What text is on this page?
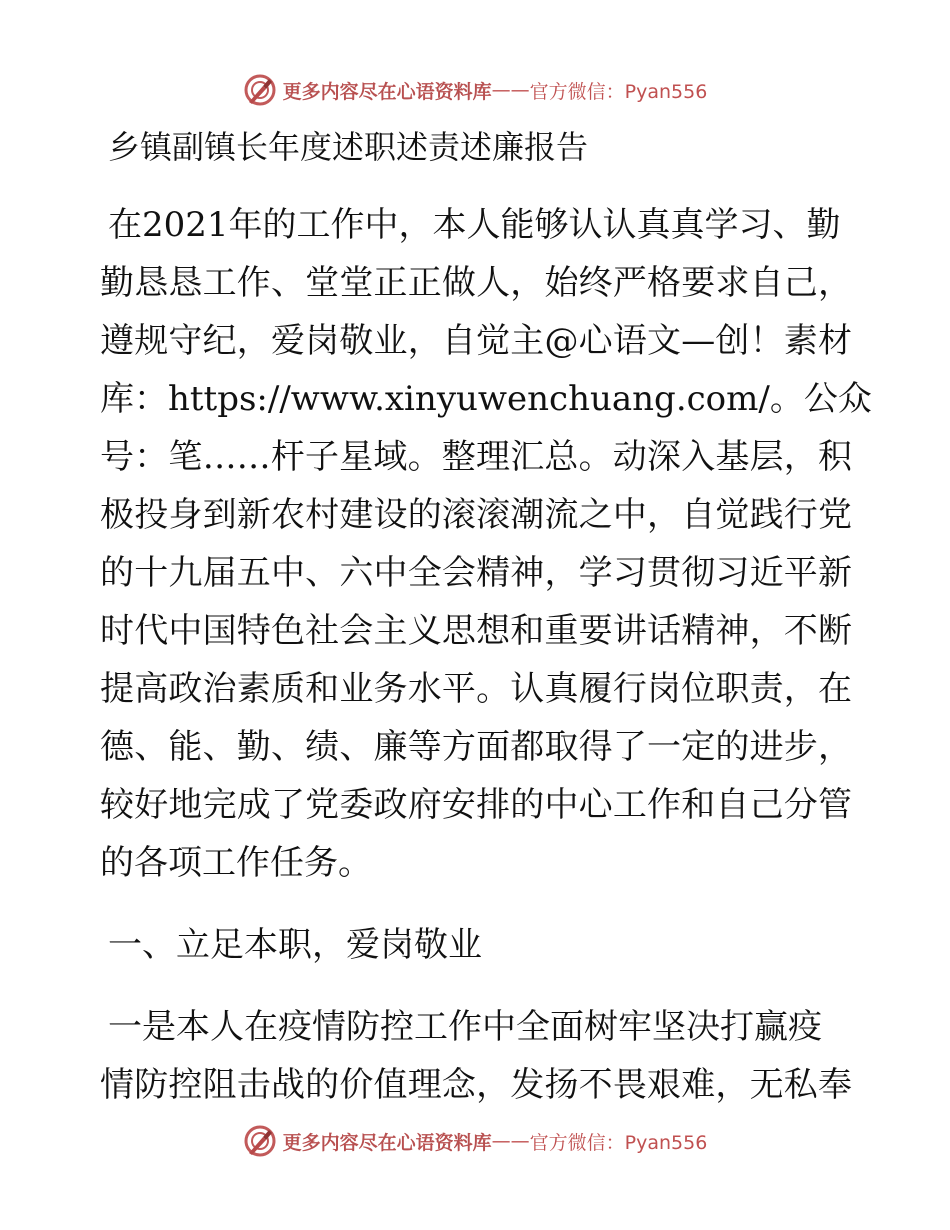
更多内容尽在心语资料库 —— 官方微信：Pyan556
乡镇副镇长年度述职述责述廉报告
在2021年的工作中，本人能够认认真真学习、勤
勤恳恳工作、堂堂正正做人，始终严格要求自己，
遵规守纪，爱岗敬业，自觉主@心语文—创！素材
库：https://www.xinyuwenchuang.com/。公众
号：笔……杆子星域。整理汇总。动深入基层，积
极投身到新农村建设的滚滚潮流之中，自觉践行党
的十九届五中、六中全会精神，学习贯彻习近平新
时代中国特色社会主义思想和重要讲话精神，不断
提高政治素质和业务水平。认真履行岗位职责，在
德、能、勤、绩、廉等方面都取得了一定的进步，
较好地完成了党委政府安排的中心工作和自己分管
的各项工作任务。
一、立足本职，爱岗敬业
一是本人在疫情防控工作中全面树牢坚决打赢疫
情防控阻击战的价值理念，发扬不畏艰难，无私奉
更多内容尽在心语资料库 —— 官方微信：Pyan556
